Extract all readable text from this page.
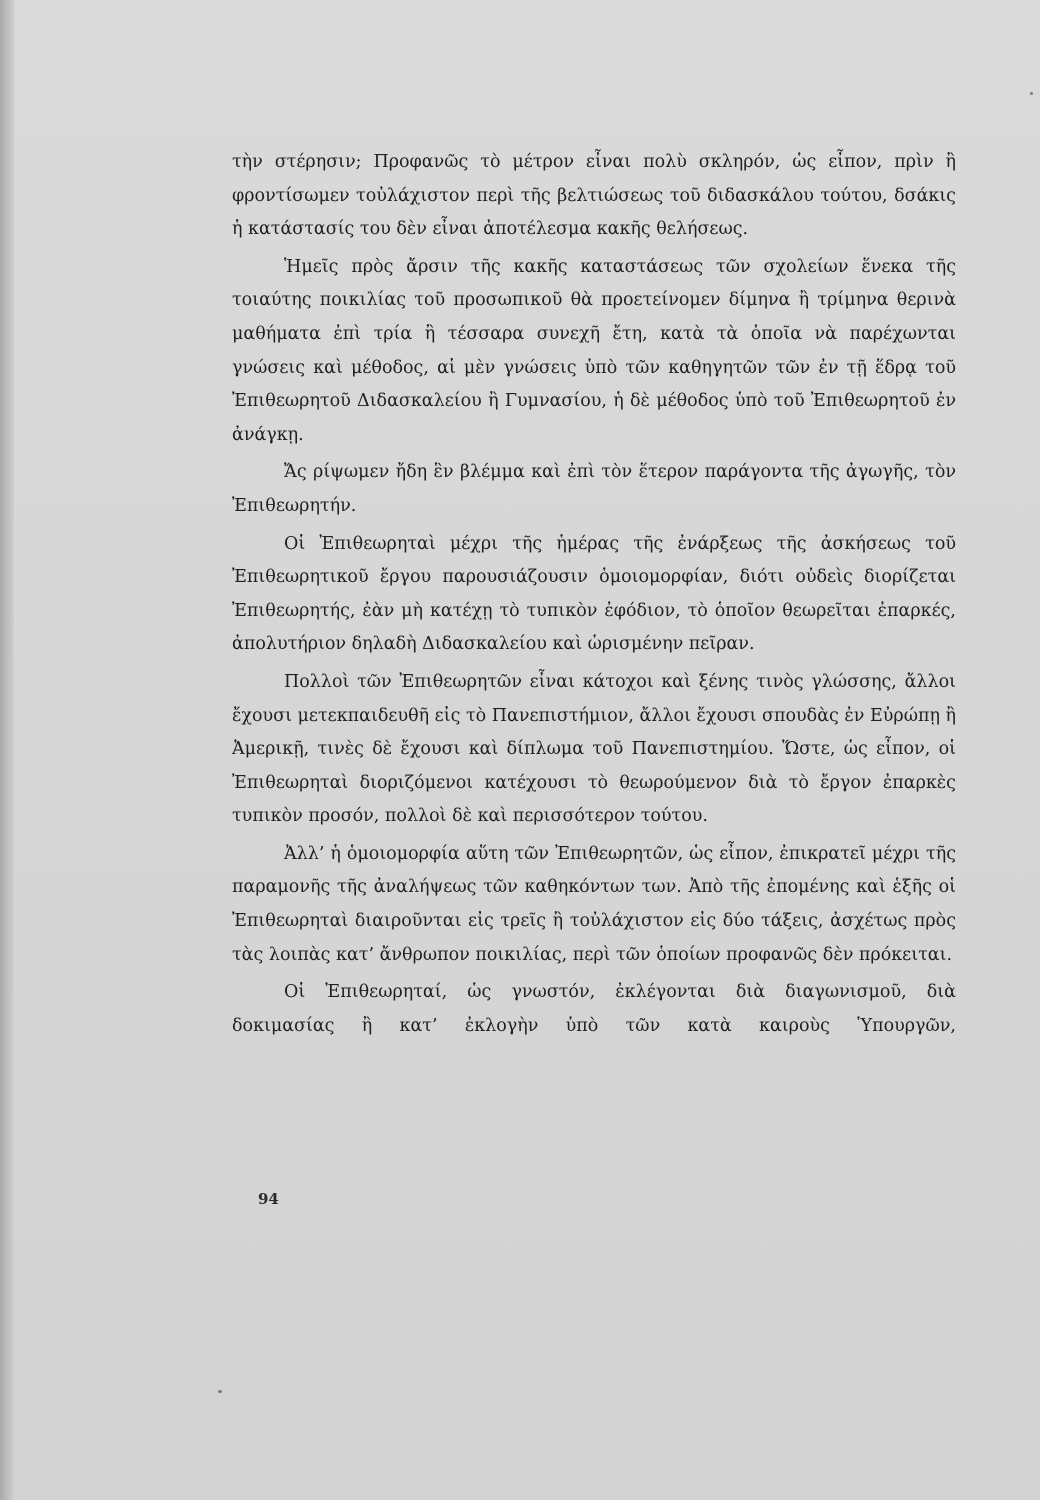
τὴν στέρησιν; Προφανῶς τὸ μέτρον εἶναι πολὺ σκληρόν, ὡς εἶπον, πρὶν ἢ φροντίσωμεν τοὐλάχιστον περὶ τῆς βελτιώσεως τοῦ διδασκάλου τούτου, δσάκις ἡ κατάστασίς του δὲν εἶναι ἀποτέλεσμα κακῆς θελήσεως.

Ἡμεῖς πρὸς ἄρσιν τῆς κακῆς καταστάσεως τῶν σχολείων ἕνεκα τῆς τοιαύτης ποικιλίας τοῦ προσωπικοῦ θὰ προετείνομεν δίμηνα ἢ τρίμηνα θερινὰ μαθήματα ἐπὶ τρία ἢ τέσσαρα συνεχῆ ἔτη, κατὰ τὰ ὁποῖα νὰ παρέχωνται γνώσεις καὶ μέθοδος, αἱ μὲν γνώσεις ὑπὸ τῶν καθηγητῶν τῶν ἐν τῇ ἕδρᾳ τοῦ Ἐπιθεωρητοῦ Διδασκαλείου ἢ Γυμνασίου, ἡ δὲ μέθοδος ὑπὸ τοῦ Ἐπιθεωρητοῦ ἐν ἀνάγκῃ.

Ἄς ρίψωμεν ἤδη ἓν βλέμμα καὶ ἐπὶ τὸν ἕτερον παράγοντα τῆς ἀγωγῆς, τὸν Ἐπιθεωρητήν.

Οἱ Ἐπιθεωρηταὶ μέχρι τῆς ἡμέρας τῆς ἐνάρξεως τῆς ἀσκήσεως τοῦ Ἐπιθεωρητικοῦ ἔργου παρουσιάζουσιν ὁμοιομορφίαν, διότι οὐδεὶς διορίζεται Ἐπιθεωρητής, ἐὰν μὴ κατέχῃ τὸ τυπικὸν ἐφόδιον, τὸ ὁποῖον θεωρεῖται ἐπαρκές, ἀπολυτήριον δηλαδὴ Διδασκαλείου καὶ ὡρισμένην πεῖραν.

Πολλοὶ τῶν Ἐπιθεωρητῶν εἶναι κάτοχοι καὶ ξένης τινὸς γλώσσης, ἄλλοι ἔχουσι μετεκπαιδευθῆ εἰς τὸ Πανεπιστήμιον, ἄλλοι ἔχουσι σπουδὰς ἐν Εὐρώπῃ ἢ Ἀμερικῇ, τινὲς δὲ ἔχουσι καὶ δίπλωμα τοῦ Πανεπιστημίου. Ὥστε, ὡς εἶπον, οἱ Ἐπιθεωρηταὶ διοριζόμενοι κατέχουσι τὸ θεωρούμενον διὰ τὸ ἔργον ἐπαρκὲς τυπικὸν προσόν, πολλοὶ δὲ καὶ περισσότερον τούτου.

Ἀλλ’ ἡ ὁμοιομορφία αὕτη τῶν Ἐπιθεωρητῶν, ὡς εἶπον, ἐπικρατεῖ μέχρι τῆς παραμονῆς τῆς ἀναλήψεως τῶν καθηκόντων των. Ἀπὸ τῆς ἐπομένης καὶ ἑξῆς οἱ Ἐπιθεωρηταὶ διαιροῦνται εἰς τρεῖς ἢ τοὐλάχιστον εἰς δύο τάξεις, ἀσχέτως πρὸς τὰς λοιπὰς κατ’ ἄνθρωπον ποικιλίας, περὶ τῶν ὁποίων προφανῶς δὲν πρόκειται.

Οἱ Ἐπιθεωρηταί, ὡς γνωστόν, ἐκλέγονται διὰ διαγωνισμοῦ, διὰ δοκιμασίας ἢ κατ’ ἐκλογὴν ὑπὸ τῶν κατὰ καιροὺς Ὑπουργῶν,

94
